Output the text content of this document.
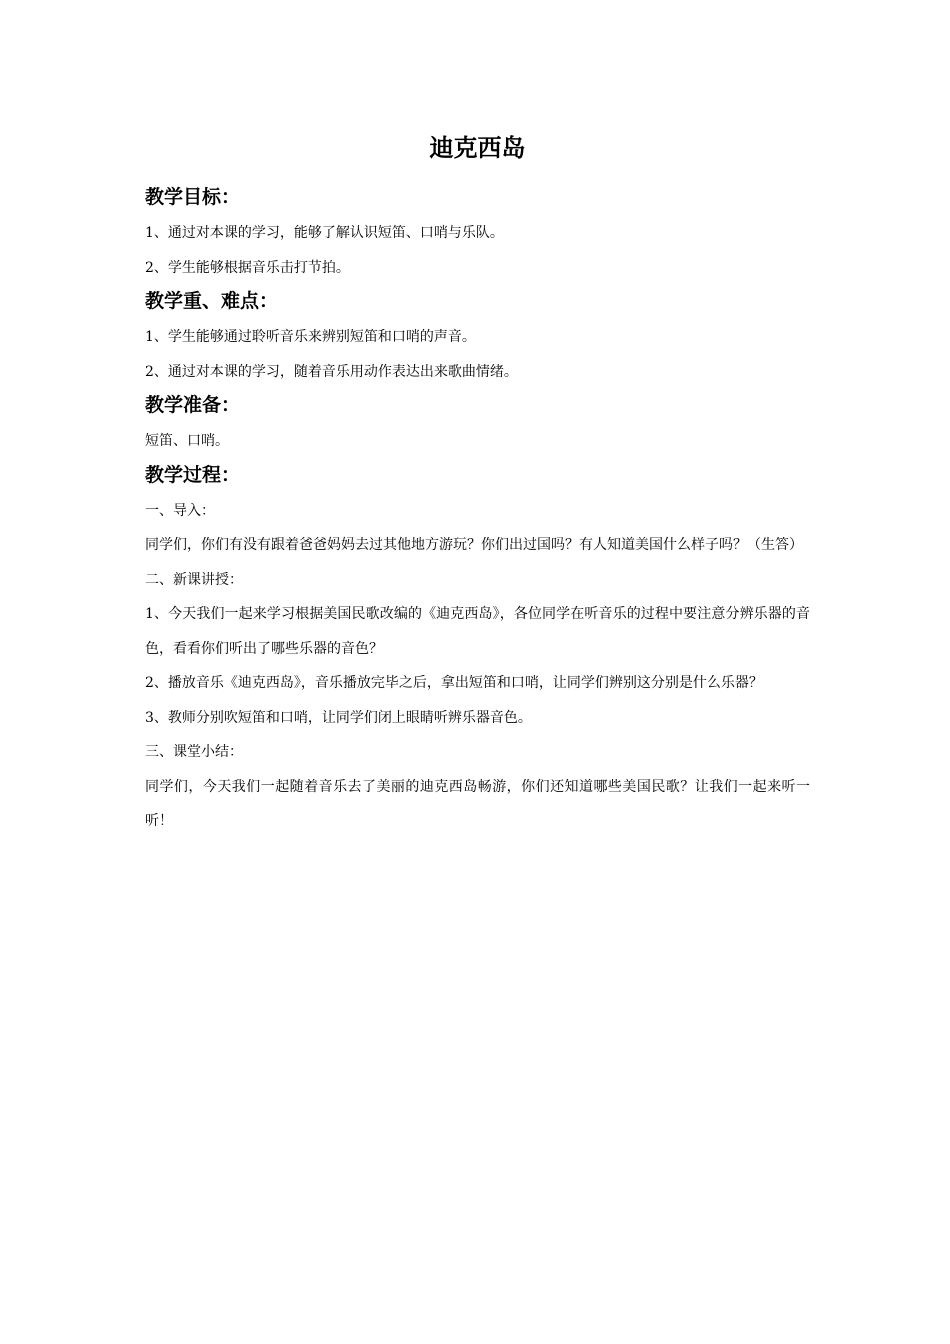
迪克西岛
教学目标：

1、通过对本课的学习，能够了解认识短笛、口哨与乐队。

2、学生能够根据音乐击打节拍。

教学重、难点：

1、学生能够通过聆听音乐来辨别短笛和口哨的声音。

2、通过对本课的学习，随着音乐用动作表达出来歌曲情绪。

教学准备：

短笛、口哨。

教学过程：

一、导入：

同学们，你们有没有跟着爸爸妈妈去过其他地方游玩？你们出过国吗？有人知道美国什么样子吗？（生答）

二、新课讲授：

1、今天我们一起来学习根据美国民歌改编的《迪克西岛》，各位同学在听音乐的过程中要注意分辨乐器的音色，看看你们听出了哪些乐器的音色？

2、播放音乐《迪克西岛》，音乐播放完毕之后，拿出短笛和口哨，让同学们辨别这分别是什么乐器？

3、教师分别吹短笛和口哨，让同学们闭上眼睛听辨乐器音色。

三、课堂小结：

同学们，今天我们一起随着音乐去了美丽的迪克西岛畅游，你们还知道哪些美国民歌？让我们一起来听一听！
